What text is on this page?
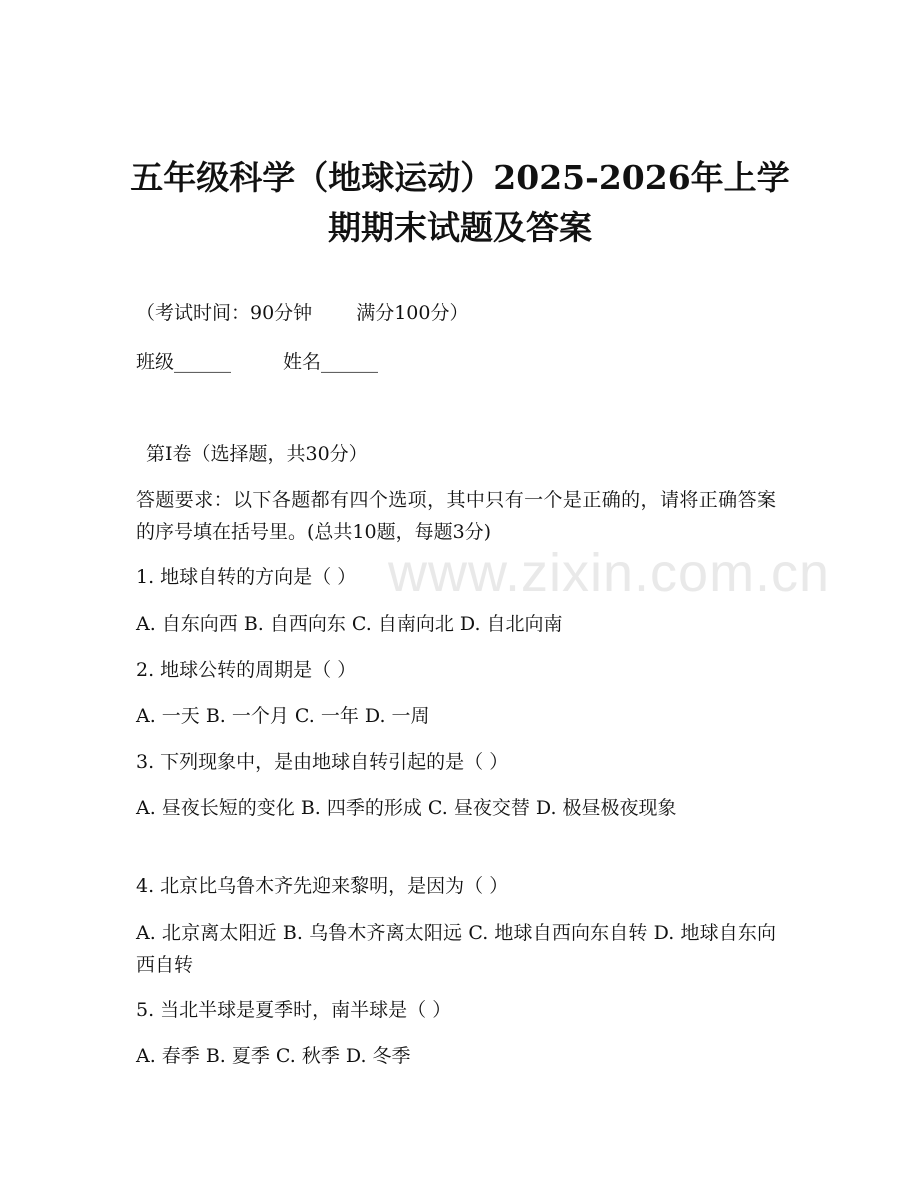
五年级科学（地球运动）2025-2026年上学
期期末试题及答案
（考试时间：90分钟 满分100分）
班级______	姓名______
第Ⅰ卷（选择题，共30分）
答题要求：以下各题都有四个选项，其中只有一个是正确的，请将正确答案的序号填在括号里。(总共10题，每题3分)
1. 地球自转的方向是（ ）
A. 自东向西 B. 自西向东 C. 自南向北 D. 自北向南
2. 地球公转的周期是（ ）
A. 一天 B. 一个月 C. 一年 D. 一周
3. 下列现象中，是由地球自转引起的是（ ）
A. 昼夜长短的变化 B. 四季的形成 C. 昼夜交替 D. 极昼极夜现象
4. 北京比乌鲁木齐先迎来黎明，是因为（ ）
A. 北京离太阳近 B. 乌鲁木齐离太阳远 C. 地球自西向东自转 D. 地球自东向西自转
5. 当北半球是夏季时，南半球是（ ）
A. 春季 B. 夏季 C. 秋季 D. 冬季
www.zixin.com.cn
